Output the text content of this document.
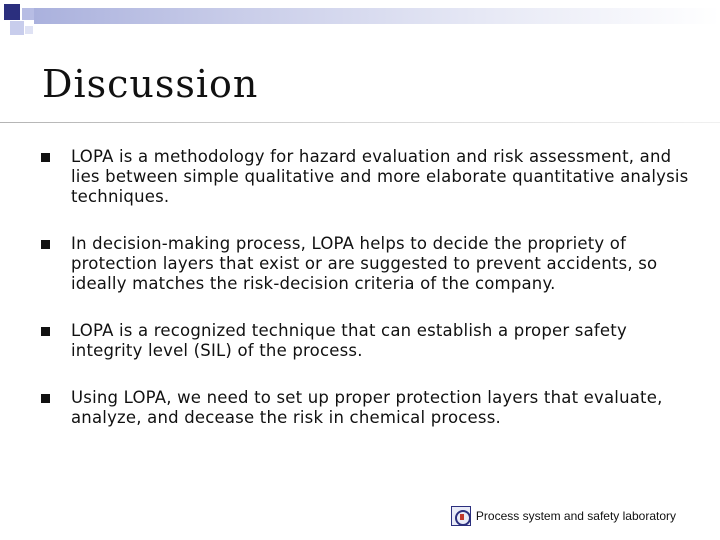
Discussion
LOPA is a methodology for hazard evaluation and risk assessment, and lies between simple qualitative and more elaborate quantitative analysis techniques.
In decision-making process, LOPA helps to decide the propriety of protection layers that exist or are suggested to prevent accidents, so ideally matches the risk-decision criteria of the company.
LOPA is a recognized technique that can establish a proper safety integrity level (SIL) of the process.
Using LOPA, we need to set up proper protection layers that evaluate, analyze, and decease the risk in chemical process.
Process system and safety laboratory
